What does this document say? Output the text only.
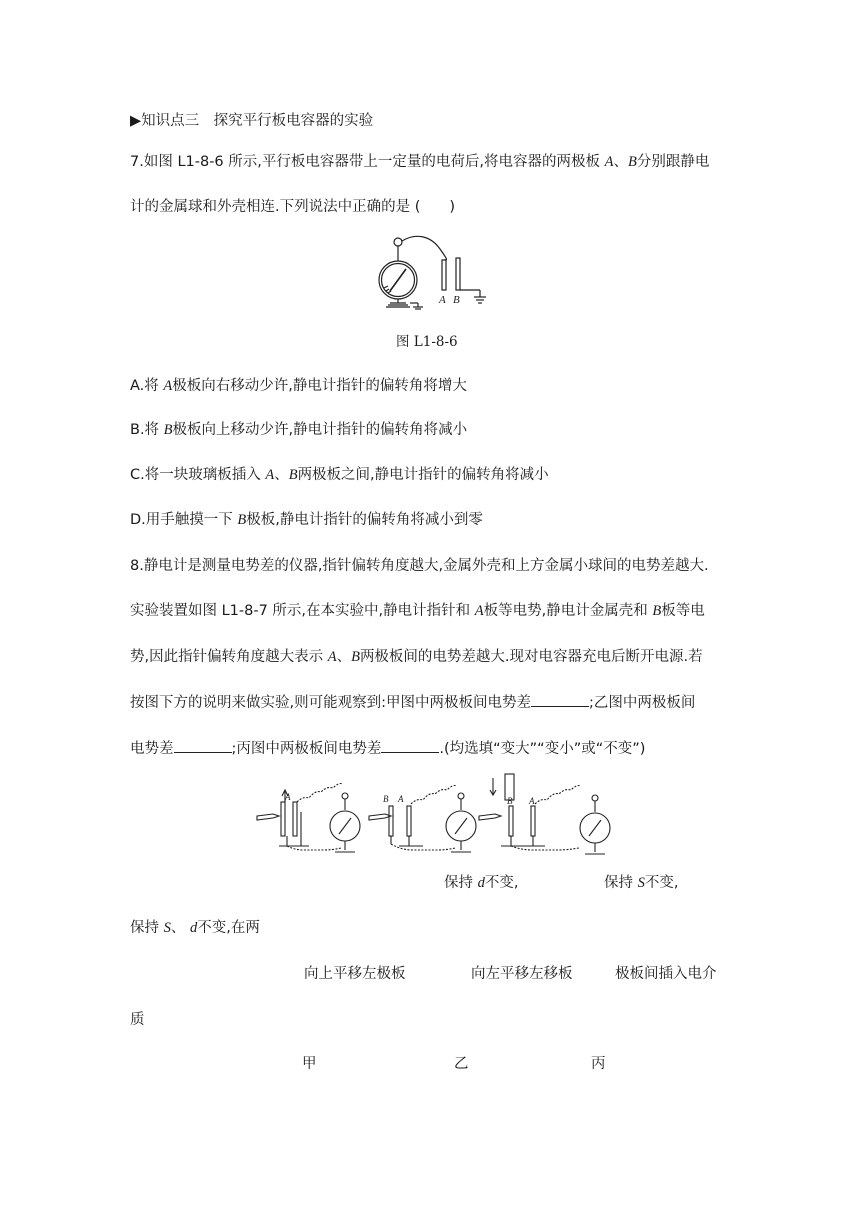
▶知识点三　探究平行板电容器的实验
7.如图 L1-8-6 所示,平行板电容器带上一定量的电荷后,将电容器的两极板 A、B分别跟静电
计的金属球和外壳相连.下列说法中正确的是 (　　)
A B
图 L1-8-6
A.将 A极板向右移动少许,静电计指针的偏转角将增大
B.将 B极板向上移动少许,静电计指针的偏转角将减小
C.将一块玻璃板插入 A、B两极板之间,静电计指针的偏转角将减小
D.用手触摸一下 B极板,静电计指针的偏转角将减小到零
8.静电计是测量电势差的仪器,指针偏转角度越大,金属外壳和上方金属小球间的电势差越大.
实验装置如图 L1-8-7 所示,在本实验中,静电计指针和 A板等电势,静电计金属壳和 B板等电
势,因此指针偏转角度越大表示 A、B两极板间的电势差越大.现对电容器充电后断开电源.若
按图下方的说明来做实验,则可能观察到:甲图中两极板间电势差	;乙图中两极板间
电势差	;丙图中两极板间电势差	.(均选填“变大”“变小”或“不变”)
A	B A	B A
保持 d不变,	保持 S不变,
保持 S、 d不变,在两
向上平移左极板	向左平移左移板	极板间插入电介
质
甲	乙	丙
